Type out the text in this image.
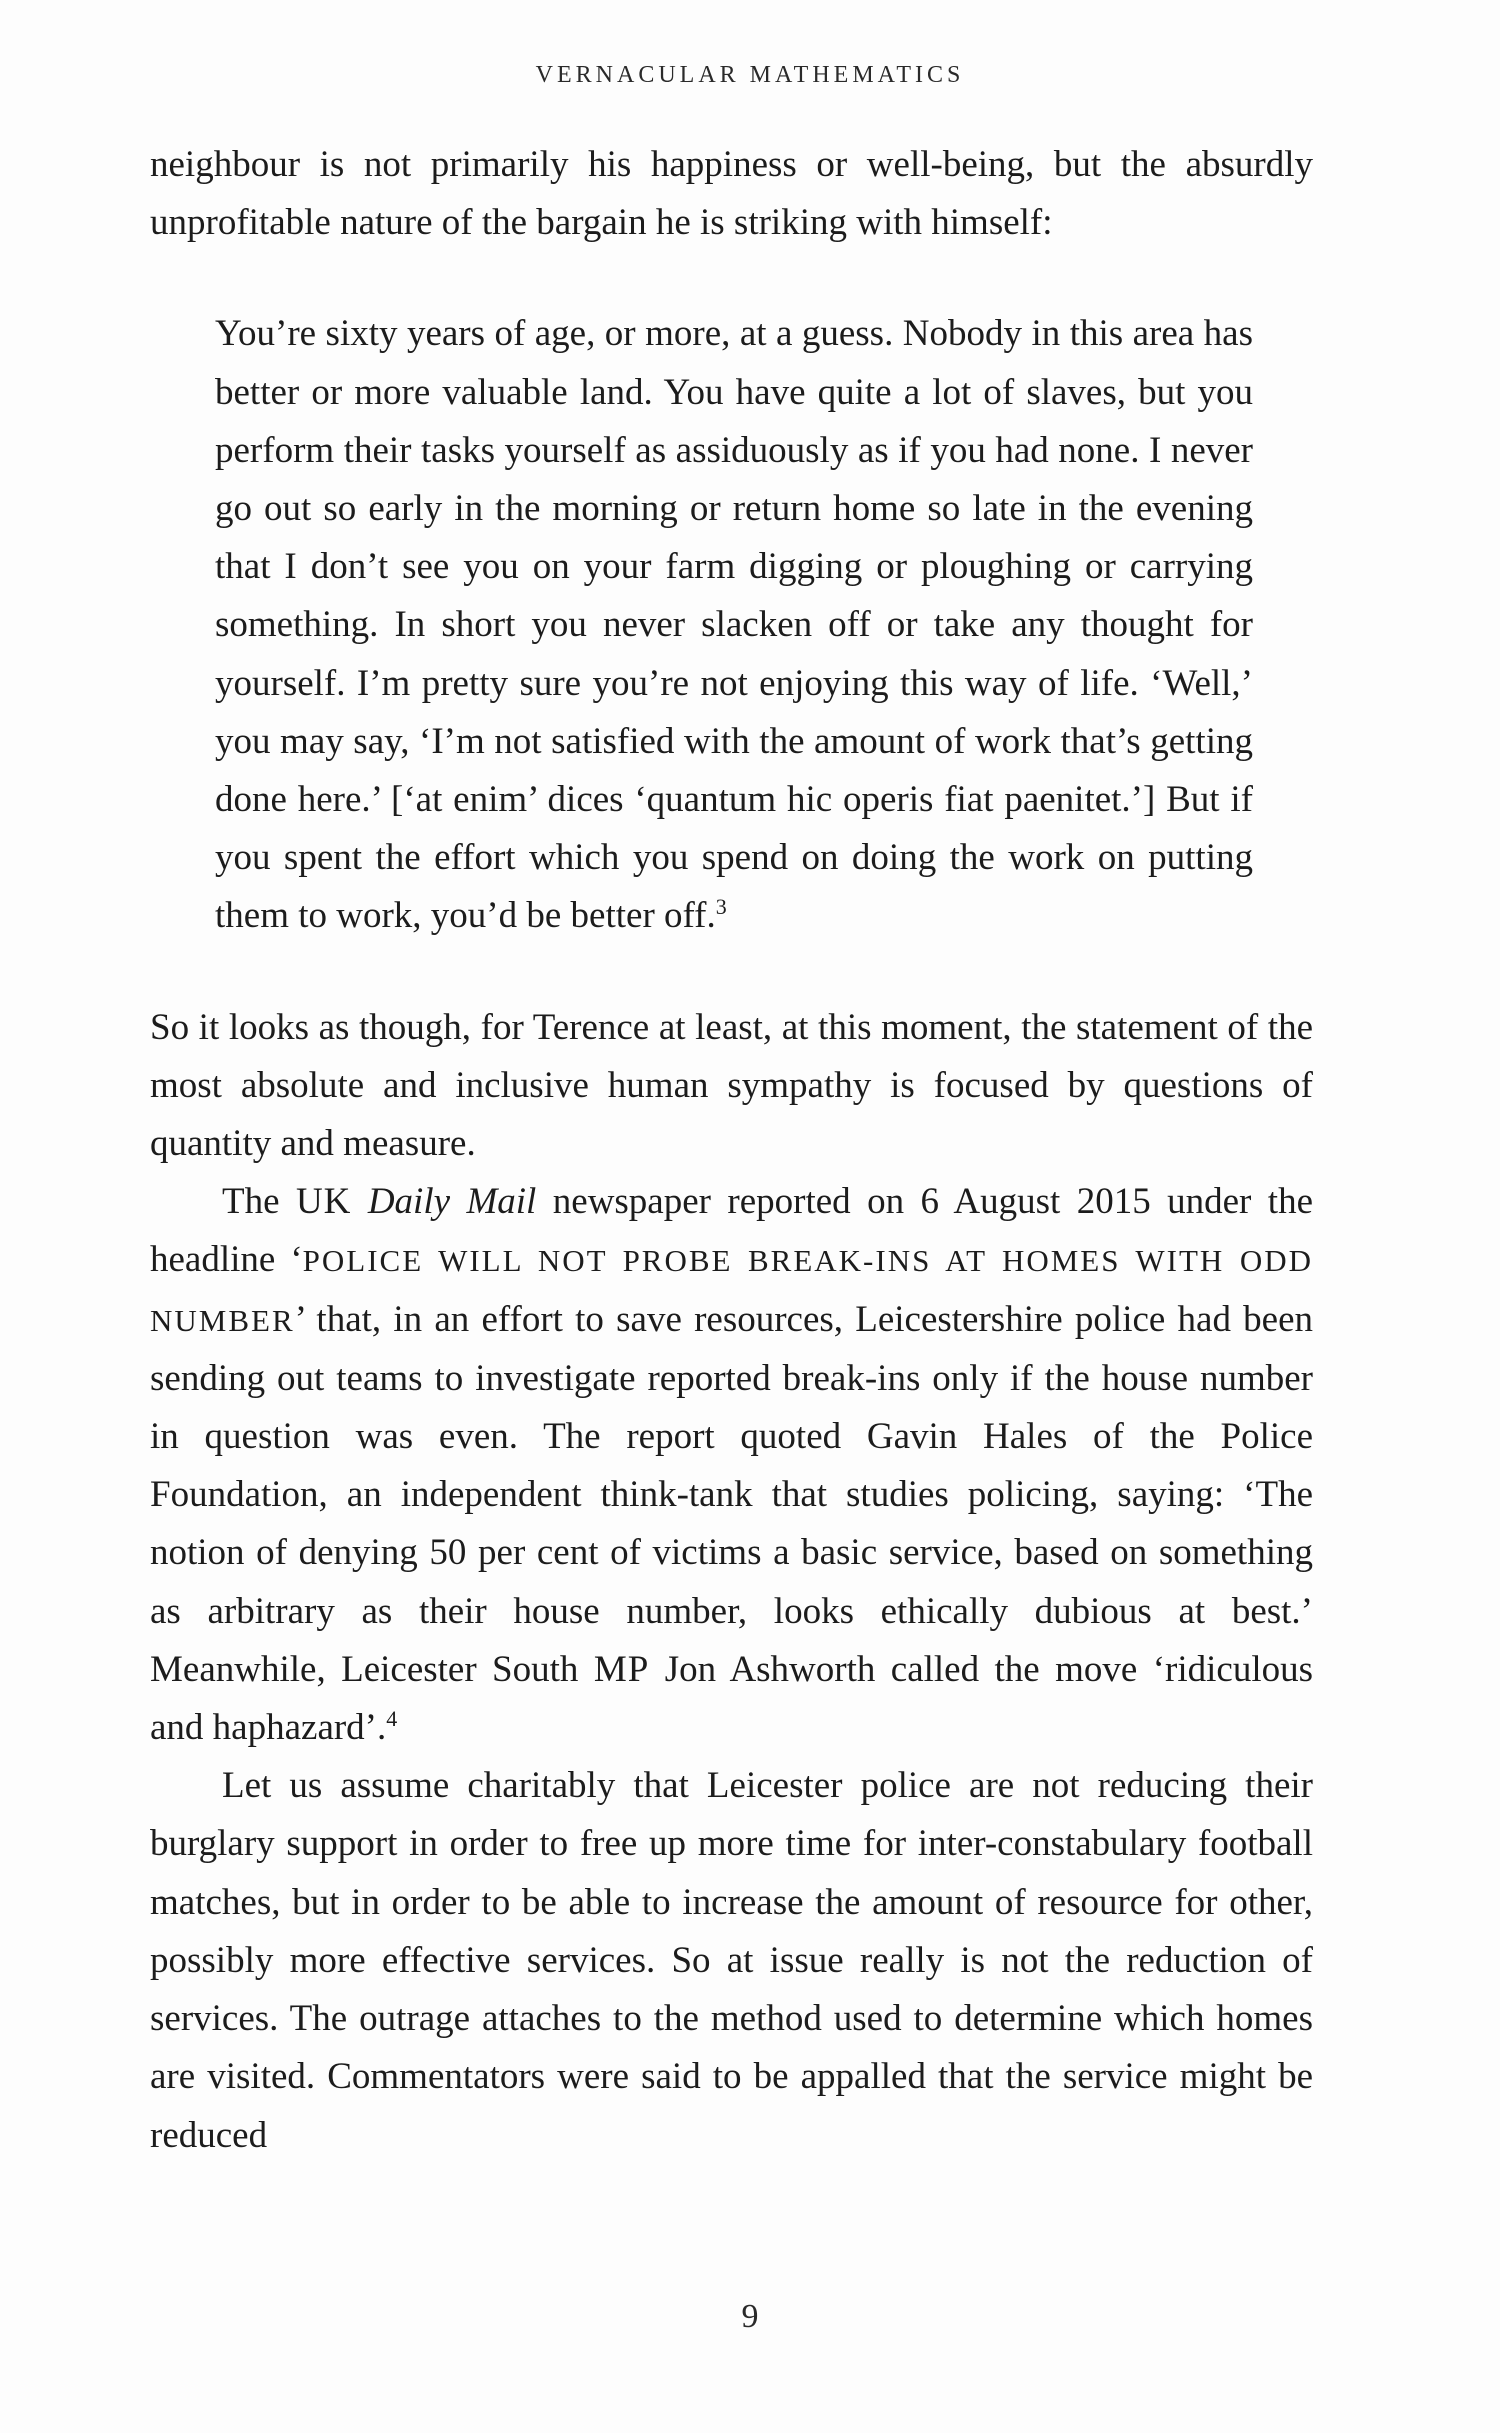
VERNACULAR MATHEMATICS

neighbour is not primarily his happiness or well-being, but the absurdly unprofitable nature of the bargain he is striking with himself:

You’re sixty years of age, or more, at a guess. Nobody in this area has better or more valuable land. You have quite a lot of slaves, but you perform their tasks yourself as assiduously as if you had none. I never go out so early in the morning or return home so late in the evening that I don’t see you on your farm digging or ploughing or carrying something. In short you never slacken off or take any thought for yourself. I’m pretty sure you’re not enjoying this way of life. ‘Well,’ you may say, ‘I’m not satisfied with the amount of work that’s getting done here.’ [‘at enim’ dices ‘quantum hic operis fiat paenitet.’] But if you spent the effort which you spend on doing the work on putting them to work, you’d be better off.$^3$

So it looks as though, for Terence at least, at this moment, the statement of the most absolute and inclusive human sympathy is focused by questions of quantity and measure.

The UK Daily Mail newspaper reported on 6 August 2015 under the headline ‘POLICE WILL NOT PROBE BREAK-INS AT HOMES WITH ODD NUMBER’ that, in an effort to save resources, Leicestershire police had been sending out teams to investigate reported break-ins only if the house number in question was even. The report quoted Gavin Hales of the Police Foundation, an independent think-tank that studies policing, saying: ‘The notion of denying 50 per cent of victims a basic service, based on something as arbitrary as their house number, looks ethically dubious at best.’ Meanwhile, Leicester South MP Jon Ashworth called the move ‘ridiculous and haphazard’.$^4$

Let us assume charitably that Leicester police are not reducing their burglary support in order to free up more time for inter-constabulary football matches, but in order to be able to increase the amount of resource for other, possibly more effective services. So at issue really is not the reduction of services. The outrage attaches to the method used to determine which homes are visited. Commentators were said to be appalled that the service might be reduced

9
